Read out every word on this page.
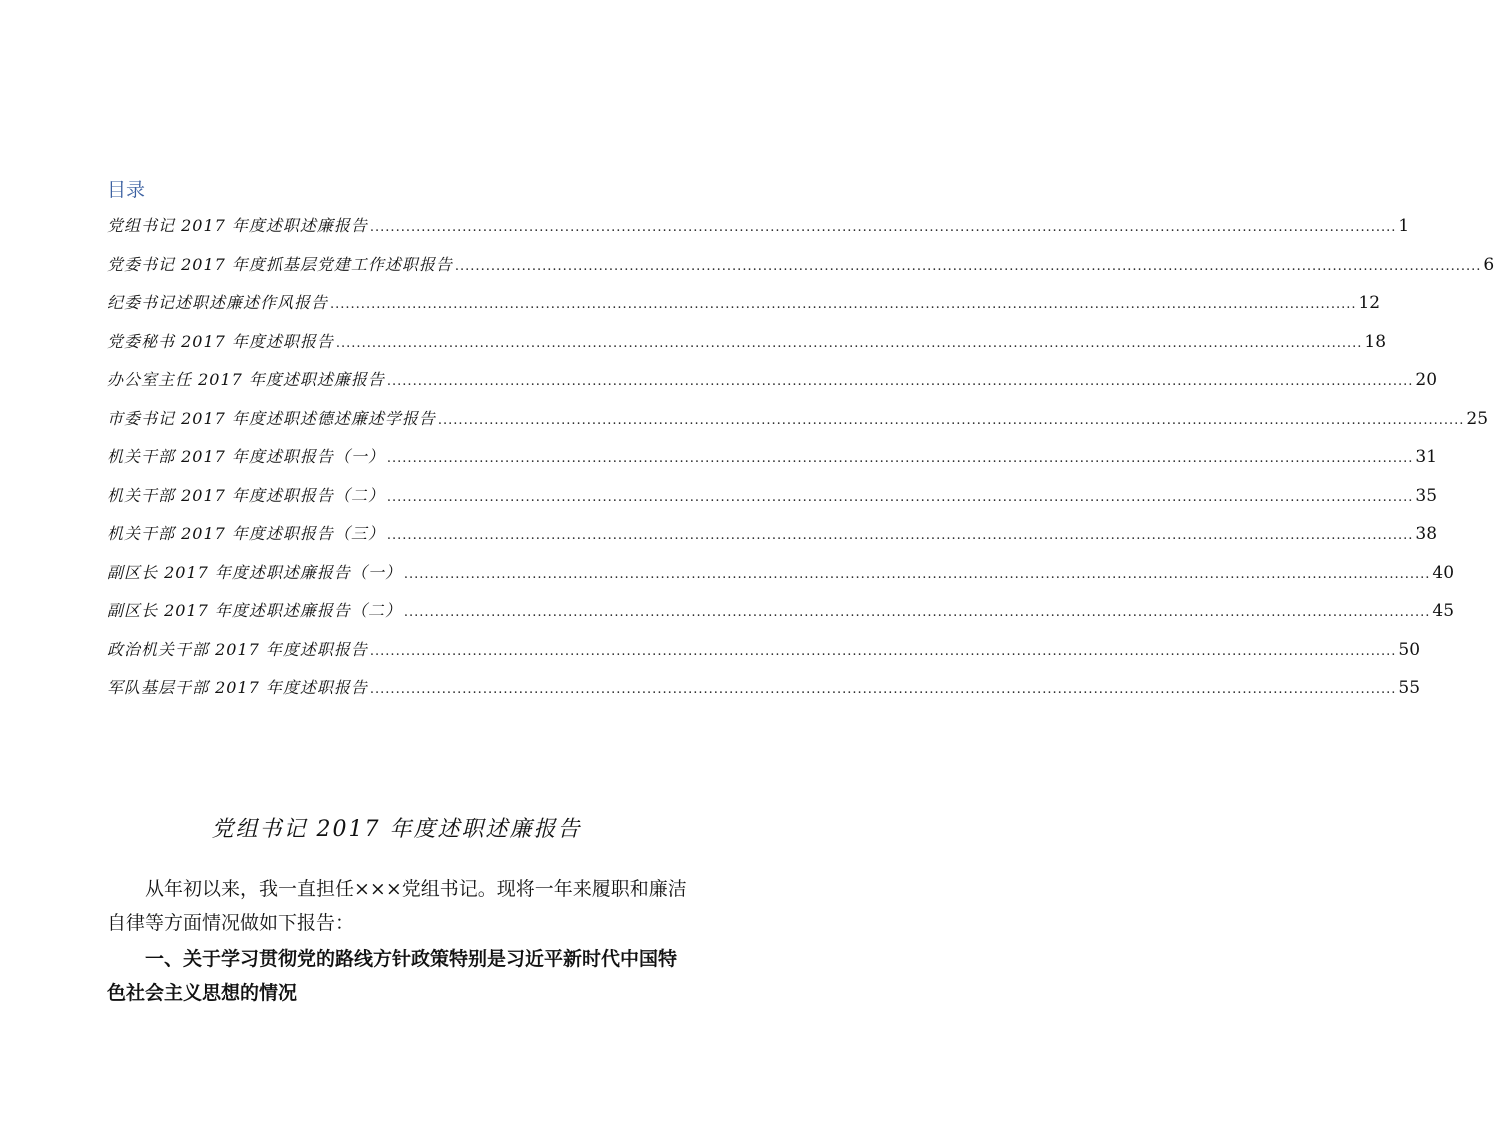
目录
党组书记 2017 年度述职述廉报告 ........................................................................................................................................................................................................ 1
党委书记 2017 年度抓基层党建工作述职报告 ........................................................................................................................................................................................................ 6
纪委书记述职述廉述作风报告 ........................................................................................................................................................................................................ 12
党委秘书 2017 年度述职报告 ........................................................................................................................................................................................................ 18
办公室主任 2017 年度述职述廉报告 ........................................................................................................................................................................................................ 20
市委书记 2017 年度述职述德述廉述学报告 ........................................................................................................................................................................................................ 25
机关干部 2017 年度述职报告（一） ........................................................................................................................................................................................................ 31
机关干部 2017 年度述职报告（二） ........................................................................................................................................................................................................ 35
机关干部 2017 年度述职报告（三） ........................................................................................................................................................................................................ 38
副区长 2017 年度述职述廉报告（一） ........................................................................................................................................................................................................ 40
副区长 2017 年度述职述廉报告（二） ........................................................................................................................................................................................................ 45
政治机关干部 2017 年度述职报告 ........................................................................................................................................................................................................ 50
军队基层干部 2017 年度述职报告 ........................................................................................................................................................................................................ 55
党组书记 2017 年度述职述廉报告

从年初以来，我一直担任×××党组书记。现将一年来履职和廉洁自律等方面情况做如下报告：

一、关于学习贯彻党的路线方针政策特别是习近平新时代中国特色社会主义思想的情况
